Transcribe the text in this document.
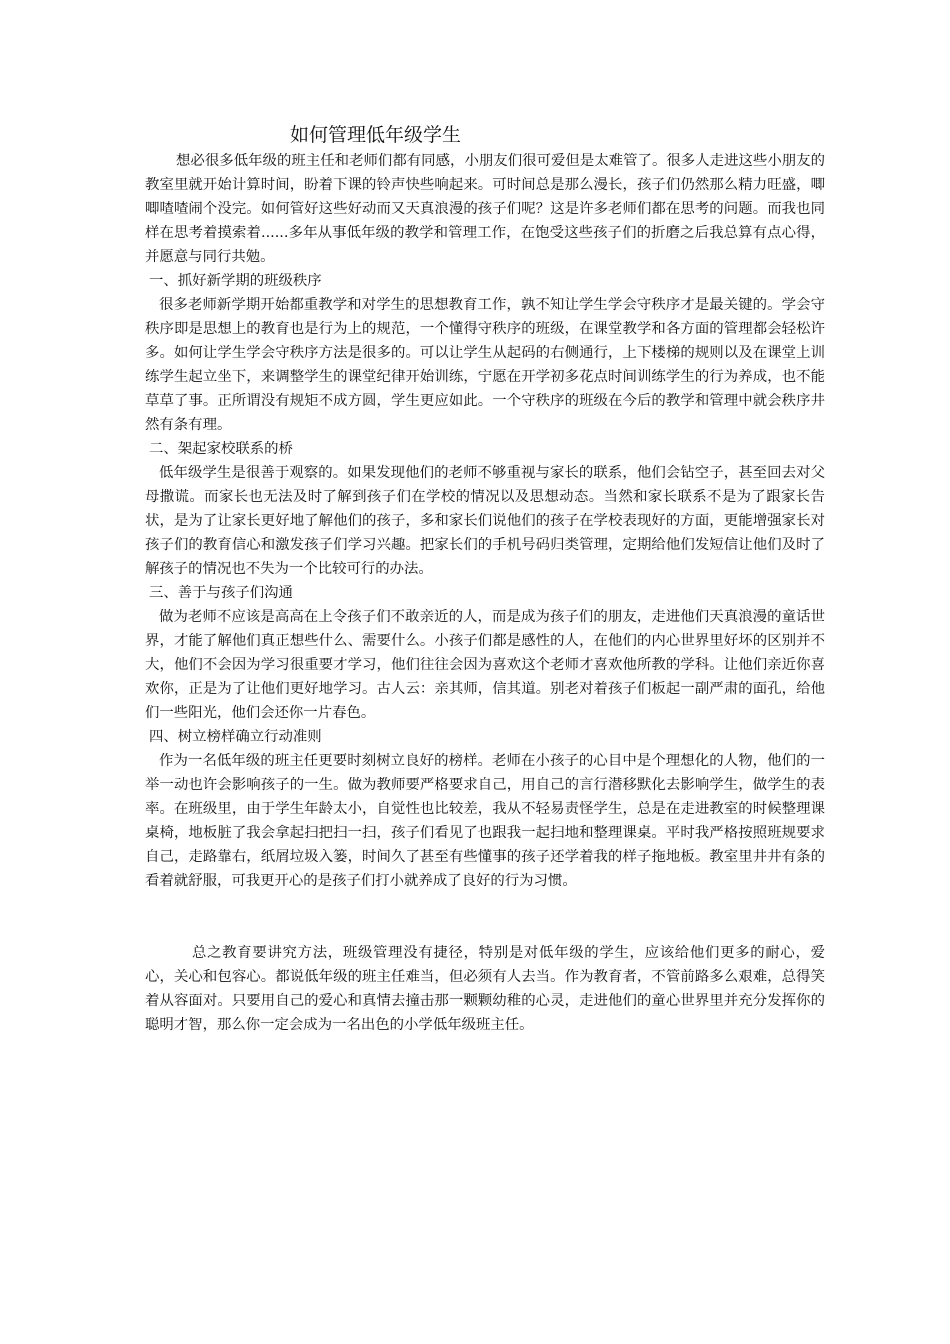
如何管理低年级学生

想必很多低年级的班主任和老师们都有同感，小朋友们很可爱但是太难管了。很多人走进这些小朋友的教室里就开始计算时间，盼着下课的铃声快些响起来。可时间总是那么漫长，孩子们仍然那么精力旺盛，唧唧喳喳闹个没完。如何管好这些好动而又天真浪漫的孩子们呢？这是许多老师们都在思考的问题。而我也同样在思考着摸索着......多年从事低年级的教学和管理工作，在饱受这些孩子们的折磨之后我总算有点心得，并愿意与同行共勉。

一、抓好新学期的班级秩序

很多老师新学期开始都重教学和对学生的思想教育工作，孰不知让学生学会守秩序才是最关键的。学会守秩序即是思想上的教育也是行为上的规范，一个懂得守秩序的班级，在课堂教学和各方面的管理都会轻松许多。如何让学生学会守秩序方法是很多的。可以让学生从起码的右侧通行，上下楼梯的规则以及在课堂上训练学生起立坐下，来调整学生的课堂纪律开始训练，宁愿在开学初多花点时间训练学生的行为养成，也不能草草了事。正所谓没有规矩不成方圆，学生更应如此。一个守秩序的班级在今后的教学和管理中就会秩序井然有条有理。

二、架起家校联系的桥

低年级学生是很善于观察的。如果发现他们的老师不够重视与家长的联系，他们会钻空子，甚至回去对父母撒谎。而家长也无法及时了解到孩子们在学校的情况以及思想动态。当然和家长联系不是为了跟家长告状，是为了让家长更好地了解他们的孩子，多和家长们说他们的孩子在学校表现好的方面，更能增强家长对孩子们的教育信心和激发孩子们学习兴趣。把家长们的手机号码归类管理，定期给他们发短信让他们及时了解孩子的情况也不失为一个比较可行的办法。

三、善于与孩子们沟通

做为老师不应该是高高在上令孩子们不敢亲近的人，而是成为孩子们的朋友，走进他们天真浪漫的童话世界，才能了解他们真正想些什么、需要什么。小孩子们都是感性的人，在他们的内心世界里好坏的区别并不大，他们不会因为学习很重要才学习，他们往往会因为喜欢这个老师才喜欢他所教的学科。让他们亲近你喜欢你，正是为了让他们更好地学习。古人云：亲其师，信其道。别老对着孩子们板起一副严肃的面孔，给他们一些阳光，他们会还你一片春色。

四、树立榜样确立行动准则

作为一名低年级的班主任更要时刻树立良好的榜样。老师在小孩子的心目中是个理想化的人物，他们的一举一动也许会影响孩子的一生。做为教师要严格要求自己，用自己的言行潜移默化去影响学生，做学生的表率。在班级里，由于学生年龄太小，自觉性也比较差，我从不轻易责怪学生，总是在走进教室的时候整理课桌椅，地板脏了我会拿起扫把扫一扫，孩子们看见了也跟我一起扫地和整理课桌。平时我严格按照班规要求自己，走路靠右，纸屑垃圾入篓，时间久了甚至有些懂事的孩子还学着我的样子拖地板。教室里井井有条的看着就舒服，可我更开心的是孩子们打小就养成了良好的行为习惯。

总之教育要讲究方法，班级管理没有捷径，特别是对低年级的学生，应该给他们更多的耐心，爱心，关心和包容心。都说低年级的班主任难当，但必须有人去当。作为教育者，不管前路多么艰难，总得笑着从容面对。只要用自己的爱心和真情去撞击那一颗颗幼稚的心灵，走进他们的童心世界里并充分发挥你的聪明才智，那么你一定会成为一名出色的小学低年级班主任。
